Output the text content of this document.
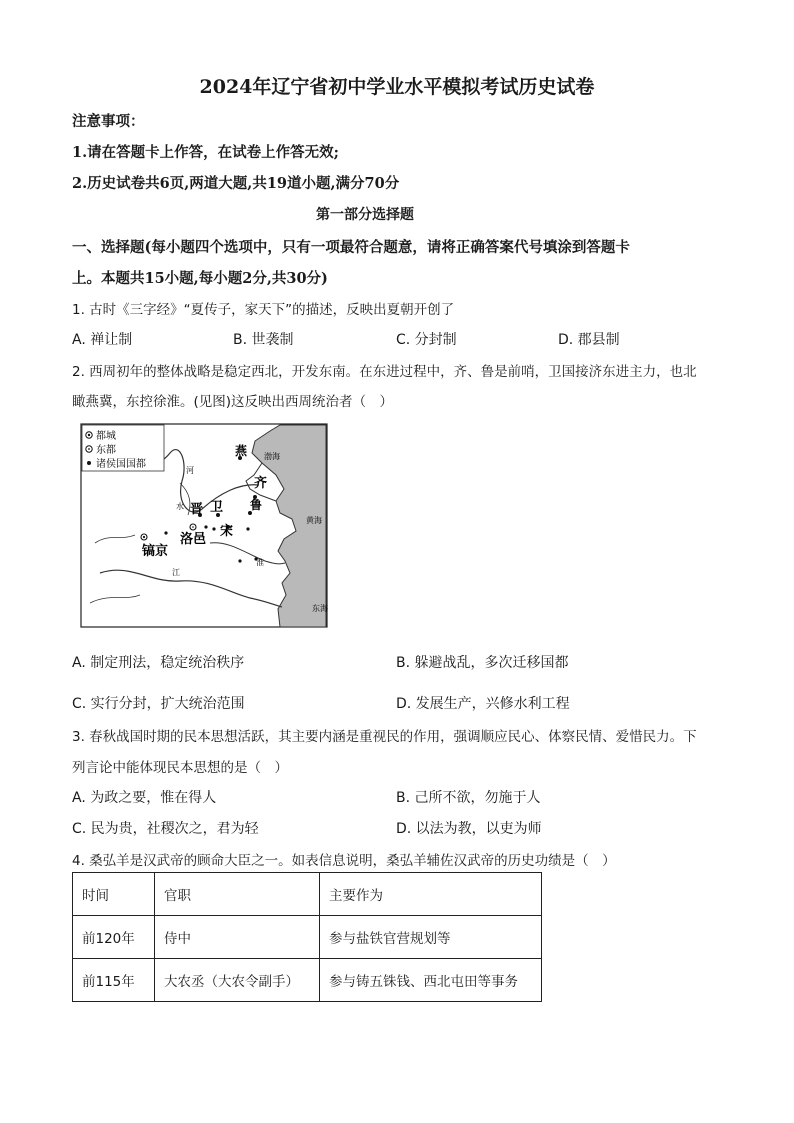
2024年辽宁省初中学业水平模拟考试历史试卷
注意事项：
1.请在答题卡上作答，在试卷上作答无效;
2.历史试卷共6页,两道大题,共19道小题,满分70分
第一部分选择题
一、选择题(每小题四个选项中，只有一项最符合题意，请将正确答案代号填涂到答题卡
上。本题共15小题,每小题2分,共30分)
1. 古时《三字经》“夏传子，家天下”的描述，反映出夏朝开创了
A. 禅让制	B. 世袭制	C. 分封制	D. 郡县制
2. 西周初年的整体战略是稳定西北，开发东南。在东进过程中，齐、鲁是前哨，卫国接济东进主力，也北
瞰燕冀，东控徐淮。(见图)这反映出西周统治者（　）
都城
东都
诸侯国国都
燕
齐
鲁
卫
晋
宋
洛邑
镐京
河
水
江
淮
渤海
黄海
东海
A. 制定刑法，稳定统治秩序	B. 躲避战乱，多次迁移国都
C. 实行分封，扩大统治范围	D. 发展生产，兴修水利工程
3. 春秋战国时期的民本思想活跃，其主要内涵是重视民的作用，强调顺应民心、体察民情、爱惜民力。下
列言论中能体现民本思想的是（　）
A. 为政之要，惟在得人	B. 己所不欲，勿施于人
C. 民为贵，社稷次之，君为轻	D. 以法为教，以吏为师
4. 桑弘羊是汉武帝的顾命大臣之一。如表信息说明，桑弘羊辅佐汉武帝的历史功绩是（　）
时间	官职	主要作为
前120年	侍中	参与盐铁官营规划等
前115年	大农丞（大农令副手）	参与铸五铢钱、西北屯田等事务
